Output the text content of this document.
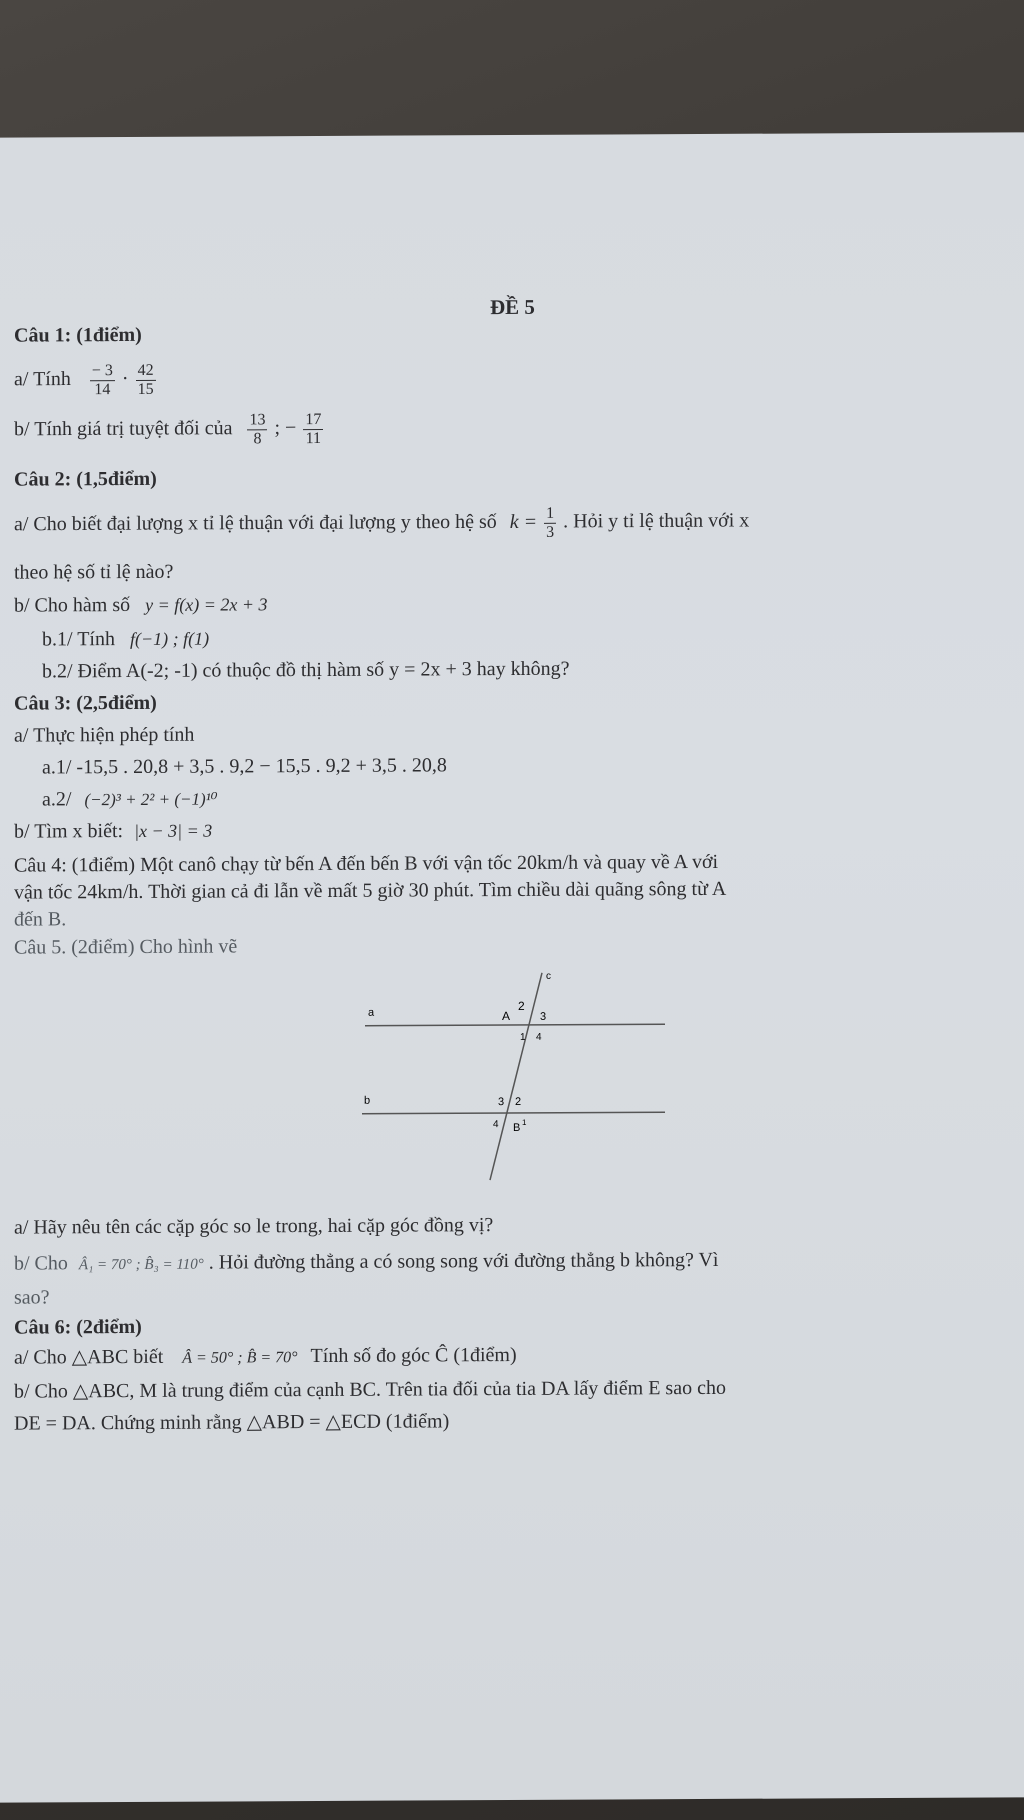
ĐỀ 5
Câu 1: (1điểm)
a/ Tính $\frac{- 3}{14} \cdot \frac{42}{15}$
b/ Tính giá trị tuyệt đối của $\frac{13}{8}$ ; − $\frac{17}{11}$
Câu 2: (1,5điểm)
a/ Cho biết đại lượng x tỉ lệ thuận với đại lượng y theo hệ số $k = \frac{1}{3}$ . Hỏi y tỉ lệ thuận với x
theo hệ số tỉ lệ nào?
b/ Cho hàm số y = f(x) = 2x + 3
b.1/ Tính f(−1) ; f(1)
b.2/ Điểm A(-2; -1) có thuộc đồ thị hàm số y = 2x + 3 hay không?
Câu 3: (2,5điểm)
a/ Thực hiện phép tính
a.1/ -15,5 . 20,8 + 3,5 . 9,2 − 15,5 . 9,2 + 3,5 . 20,8
a.2/ (−2)³ + 2² + (−1)¹⁰
b/ Tìm x biết: |x − 3| = 3
Câu 4: (1điểm) Một canô chạy từ bến A đến bến B với vận tốc 20km/h và quay về A với
vận tốc 24km/h. Thời gian cả đi lẫn về mất 5 giờ 30 phút. Tìm chiều dài quãng sông từ A
đến B.
Câu 5. (2điểm) Cho hình vẽ
a
b
c
A
2
3
1 4
3 2
4 B 1
a/ Hãy nêu tên các cặp góc so le trong, hai cặp góc đồng vị?
b/ Cho Â₁ = 70° ; B̂₃ = 110° . Hỏi đường thẳng a có song song với đường thẳng b không? Vì
sao?
Câu 6: (2điểm)
a/ Cho △ABC biết Â = 50° ; B̂ = 70° Tính số đo góc Ĉ (1điểm)
b/ Cho △ABC, M là trung điểm của cạnh BC. Trên tia đối của tia DA lấy điểm E sao cho
DE = DA. Chứng minh rằng △ABD = △ECD (1điểm)
